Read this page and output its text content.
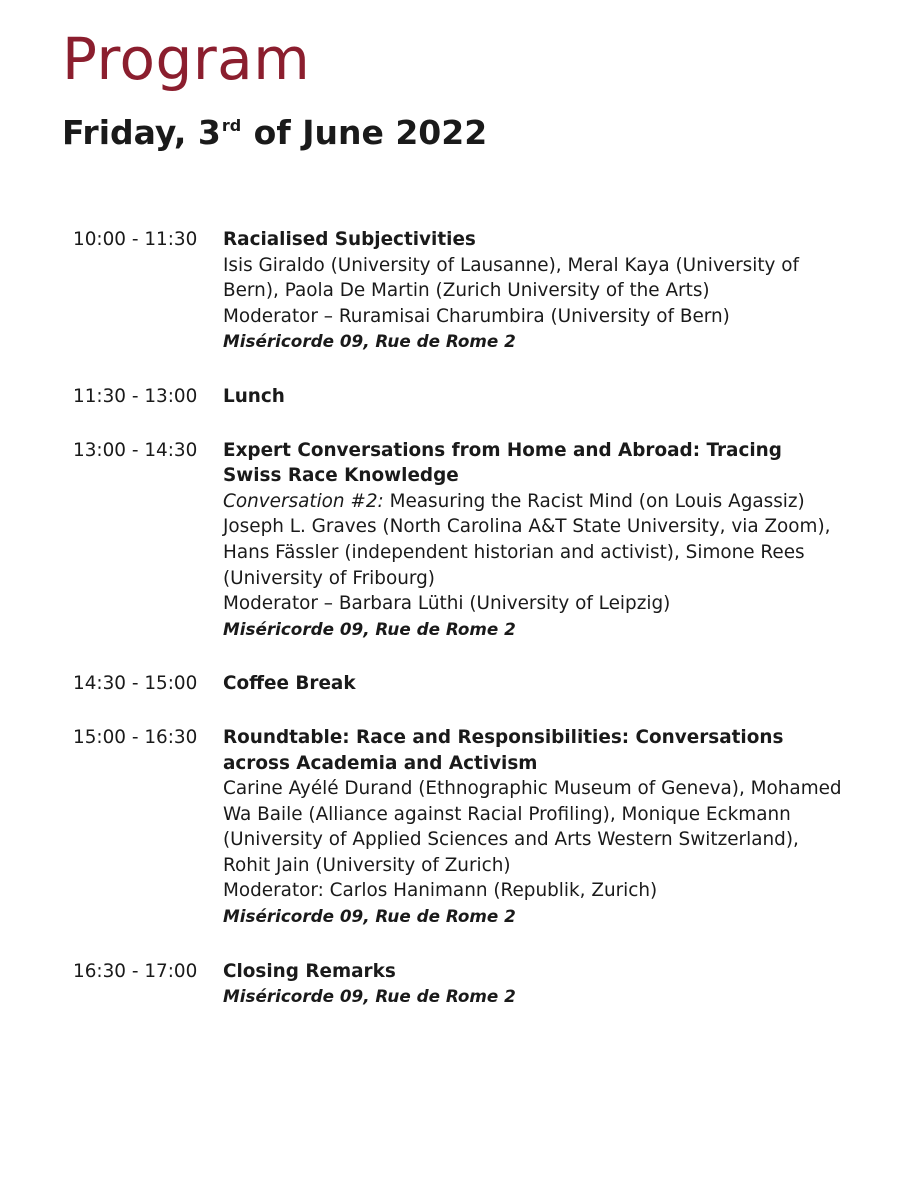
Program
Friday, 3rd of June 2022
10:00 - 11:30	Racialised Subjectivities
Isis Giraldo (University of Lausanne), Meral Kaya (University of Bern), Paola De Martin (Zurich University of the Arts)
Moderator – Ruramisai Charumbira (University of Bern)
Miséricorde 09, Rue de Rome 2
11:30 - 13:00	Lunch
13:00 - 14:30	Expert Conversations from Home and Abroad: Tracing Swiss Race Knowledge
Conversation #2: Measuring the Racist Mind (on Louis Agassiz)
Joseph L. Graves (North Carolina A&T State University, via Zoom), Hans Fässler (independent historian and activist), Simone Rees (University of Fribourg)
Moderator – Barbara Lüthi (University of Leipzig)
Miséricorde 09, Rue de Rome 2
14:30 - 15:00	Coffee Break
15:00 - 16:30	Roundtable: Race and Responsibilities: Conversations across Academia and Activism
Carine Ayélé Durand (Ethnographic Museum of Geneva), Mohamed Wa Baile (Alliance against Racial Profiling), Monique Eckmann (University of Applied Sciences and Arts Western Switzerland), Rohit Jain (University of Zurich)
Moderator: Carlos Hanimann (Republik, Zurich)
Miséricorde 09, Rue de Rome 2
16:30 - 17:00	Closing Remarks
Miséricorde 09, Rue de Rome 2
